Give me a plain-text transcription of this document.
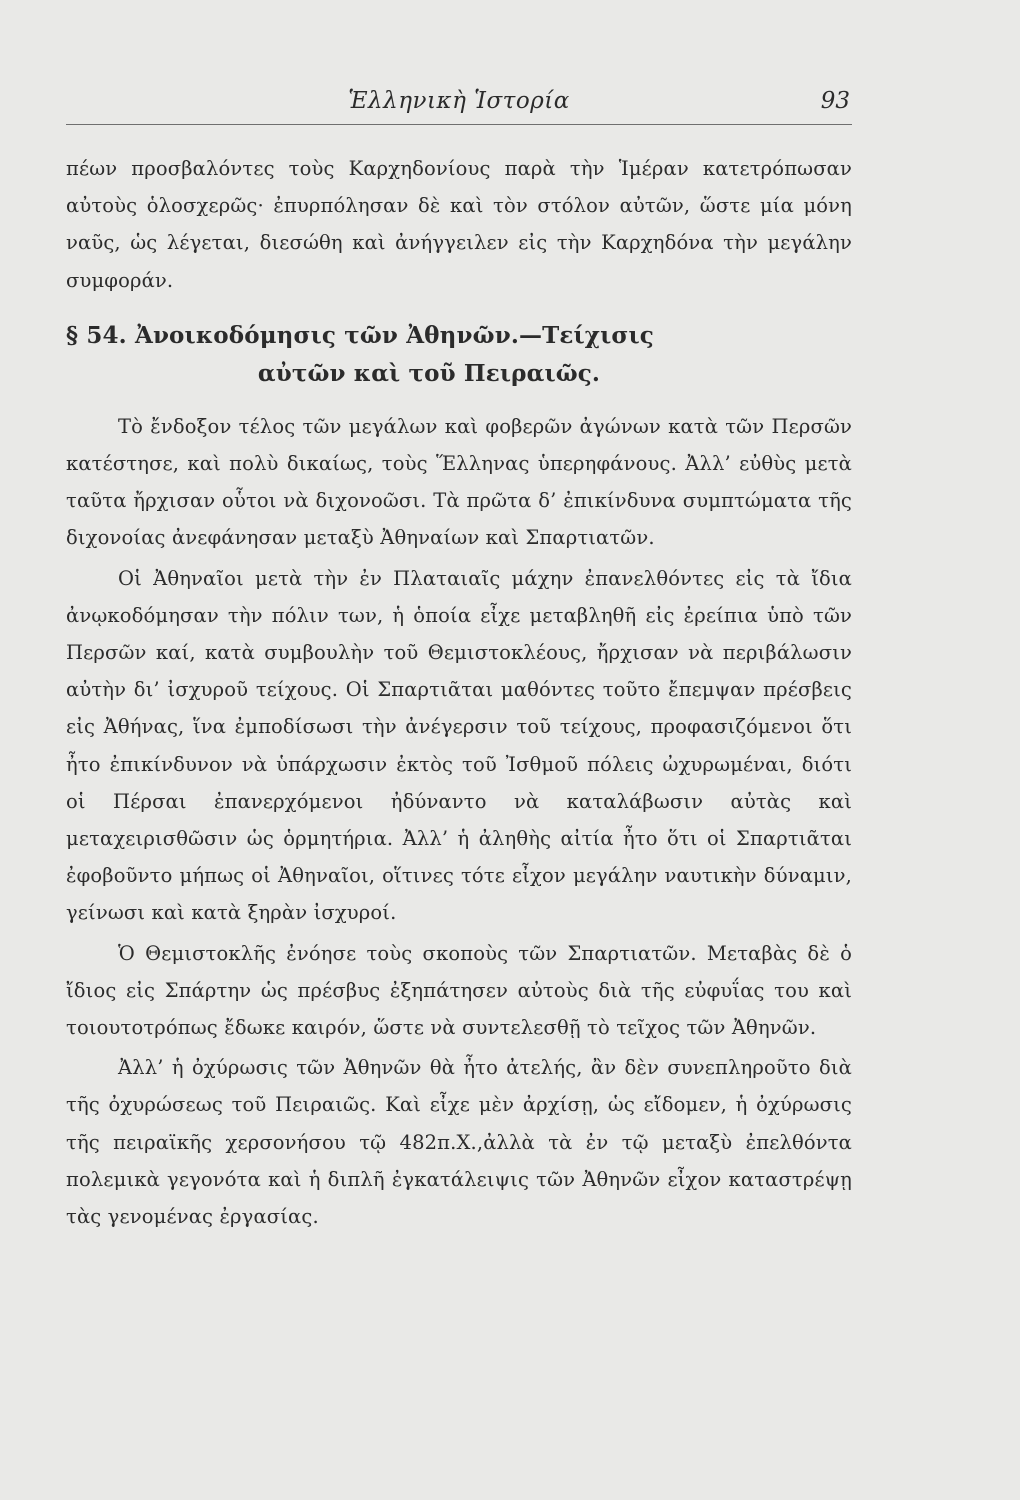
Ἑλληνικὴ Ἱστορία	93

πέων προσβαλόντες τοὺς Καρχηδονίους παρὰ τὴν Ἱμέραν κατετρόπωσαν αὐτοὺς ὁλοσχερῶς· ἐπυρπόλησαν δὲ καὶ τὸν στόλον αὐτῶν, ὥστε μία μόνη ναῦς, ὡς λέγεται, διεσώθη καὶ ἀνήγγειλεν εἰς τὴν Καρχηδόνα τὴν μεγάλην συμφοράν.

§ 54. Ἀνοικοδόμησις τῶν Ἀθηνῶν.—Τείχισις
αὐτῶν καὶ τοῦ Πειραιῶς.

Τὸ ἔνδοξον τέλος τῶν μεγάλων καὶ φοβερῶν ἀγώνων κατὰ τῶν Περσῶν κατέστησε, καὶ πολὺ δικαίως, τοὺς Ἕλληνας ὑπερηφάνους. Ἀλλ’ εὐθὺς μετὰ ταῦτα ἤρχισαν οὗτοι νὰ διχονοῶσι. Τὰ πρῶτα δ’ ἐπικίνδυνα συμπτώματα τῆς διχονοίας ἀνεφάνησαν μεταξὺ Ἀθηναίων καὶ Σπαρτιατῶν.

Οἱ Ἀθηναῖοι μετὰ τὴν ἐν Πλαταιαῖς μάχην ἐπανελθόντες εἰς τὰ ἴδια ἀνῳκοδόμησαν τὴν πόλιν των, ἡ ὁποία εἶχε μεταβληθῆ εἰς ἐρείπια ὑπὸ τῶν Περσῶν καί, κατὰ συμβουλὴν τοῦ Θεμιστοκλέους, ἤρχισαν νὰ περιβάλωσιν αὐτὴν δι’ ἰσχυροῦ τείχους. Οἱ Σπαρτιᾶται μαθόντες τοῦτο ἔπεμψαν πρέσβεις εἰς Ἀθήνας, ἵνα ἐμποδίσωσι τὴν ἀνέγερσιν τοῦ τείχους, προφασιζόμενοι ὅτι ἦτο ἐπικίνδυνον νὰ ὑπάρχωσιν ἐκτὸς τοῦ Ἰσθμοῦ πόλεις ὠχυρωμέναι, διότι οἱ Πέρσαι ἐπανερχόμενοι ἠδύναντο νὰ καταλάβωσιν αὐτὰς καὶ μεταχειρισθῶσιν ὡς ὁρμητήρια. Ἀλλ’ ἡ ἀληθὴς αἰτία ἦτο ὅτι οἱ Σπαρτιᾶται ἐφοβοῦντο μήπως οἱ Ἀθηναῖοι, οἵτινες τότε εἶχον μεγάλην ναυτικὴν δύναμιν, γείνωσι καὶ κατὰ ξηρὰν ἰσχυροί.

Ὁ Θεμιστοκλῆς ἐνόησε τοὺς σκοποὺς τῶν Σπαρτιατῶν. Μεταβὰς δὲ ὁ ἴδιος εἰς Σπάρτην ὡς πρέσβυς ἐξηπάτησεν αὐτοὺς διὰ τῆς εὐφυΐας του καὶ τοιουτοτρόπως ἔδωκε καιρόν, ὥστε νὰ συντελεσθῇ τὸ τεῖχος τῶν Ἀθηνῶν.

Ἀλλ’ ἡ ὀχύρωσις τῶν Ἀθηνῶν θὰ ἦτο ἀτελής, ἂν δὲν συνεπληροῦτο διὰ τῆς ὀχυρώσεως τοῦ Πειραιῶς. Καὶ εἶχε μὲν ἀρχίσῃ, ὡς εἴδομεν, ἡ ὀχύρωσις τῆς πειραϊκῆς χερσονήσου τῷ 482π.Χ.,ἀλλὰ τὰ ἐν τῷ μεταξὺ ἐπελθόντα πολεμικὰ γεγονότα καὶ ἡ διπλῆ ἐγκατάλειψις τῶν Ἀθηνῶν εἶχον καταστρέψῃ τὰς γενομένας ἐργασίας.
